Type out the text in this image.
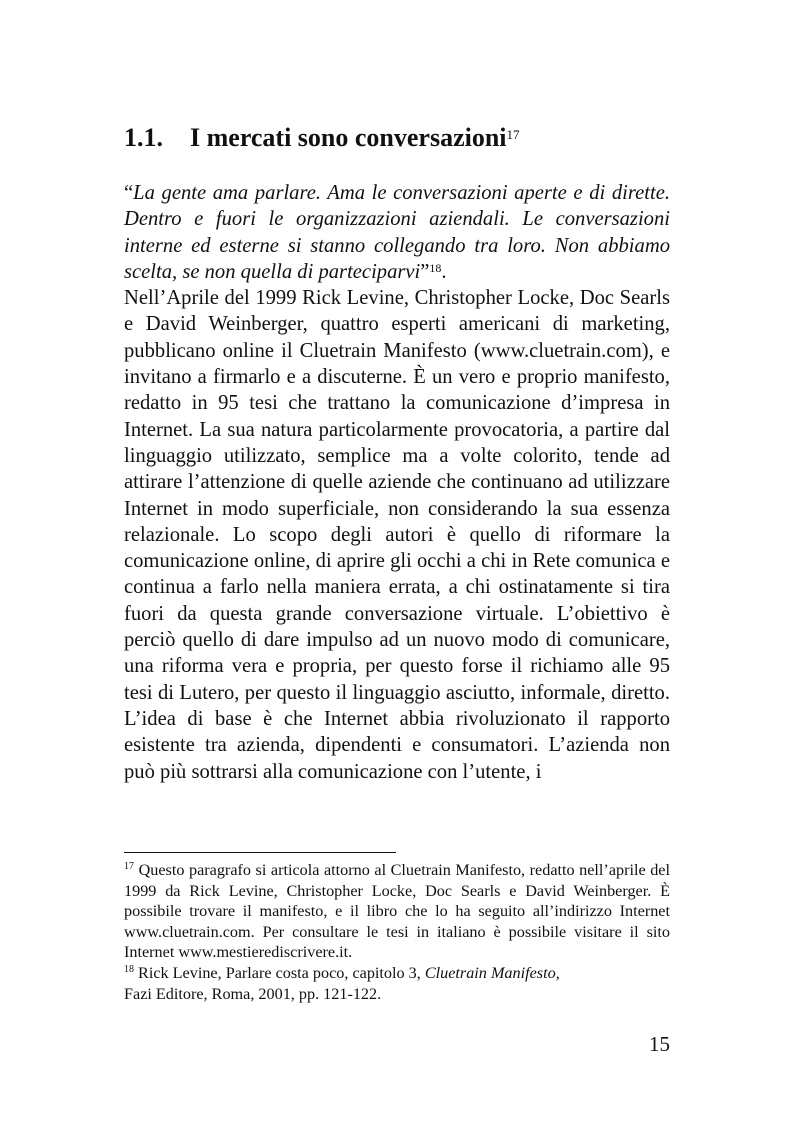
1.1. I mercati sono conversazioni$^{17}$

“La gente ama parlare. Ama le conversazioni aperte e di dirette. Dentro e fuori le organizzazioni aziendali. Le conversazioni interne ed esterne si stanno collegando tra loro. Non abbiamo scelta, se non quella di parteciparvi”$^{18}$.

Nell’Aprile del 1999 Rick Levine, Christopher Locke, Doc Searls e David Weinberger, quattro esperti americani di marketing, pubblicano online il Cluetrain Manifesto (www.cluetrain.com), e invitano a firmarlo e a discuterne. È un vero e proprio manifesto, redatto in 95 tesi che trattano la comunicazione d’impresa in Internet. La sua natura particolarmente provocatoria, a partire dal linguaggio utilizzato, semplice ma a volte colorito, tende ad attirare l’attenzione di quelle aziende che continuano ad utilizzare Internet in modo superficiale, non considerando la sua essenza relazionale. Lo scopo degli autori è quello di riformare la comunicazione online, di aprire gli occhi a chi in Rete comunica e continua a farlo nella maniera errata, a chi ostinatamente si tira fuori da questa grande conversazione virtuale. L’obiettivo è perciò quello di dare impulso ad un nuovo modo di comunicare, una riforma vera e propria, per questo forse il richiamo alle 95 tesi di Lutero, per questo il linguaggio asciutto, informale, diretto. L’idea di base è che Internet abbia rivoluzionato il rapporto esistente tra azienda, dipendenti e consumatori. L’azienda non può più sottrarsi alla comunicazione con l’utente, i

$^{17}$ Questo paragrafo si articola attorno al Cluetrain Manifesto, redatto nell’aprile del 1999 da Rick Levine, Christopher Locke, Doc Searls e David Weinberger. È possibile trovare il manifesto, e il libro che lo ha seguito all’indirizzo Internet www.cluetrain.com. Per consultare le tesi in italiano è possibile visitare il sito Internet www.mestierediscrivere.it.

$^{18}$ Rick Levine, Parlare costa poco, capitolo 3, Cluetrain Manifesto,
Fazi Editore, Roma, 2001, pp. 121-122.

15
